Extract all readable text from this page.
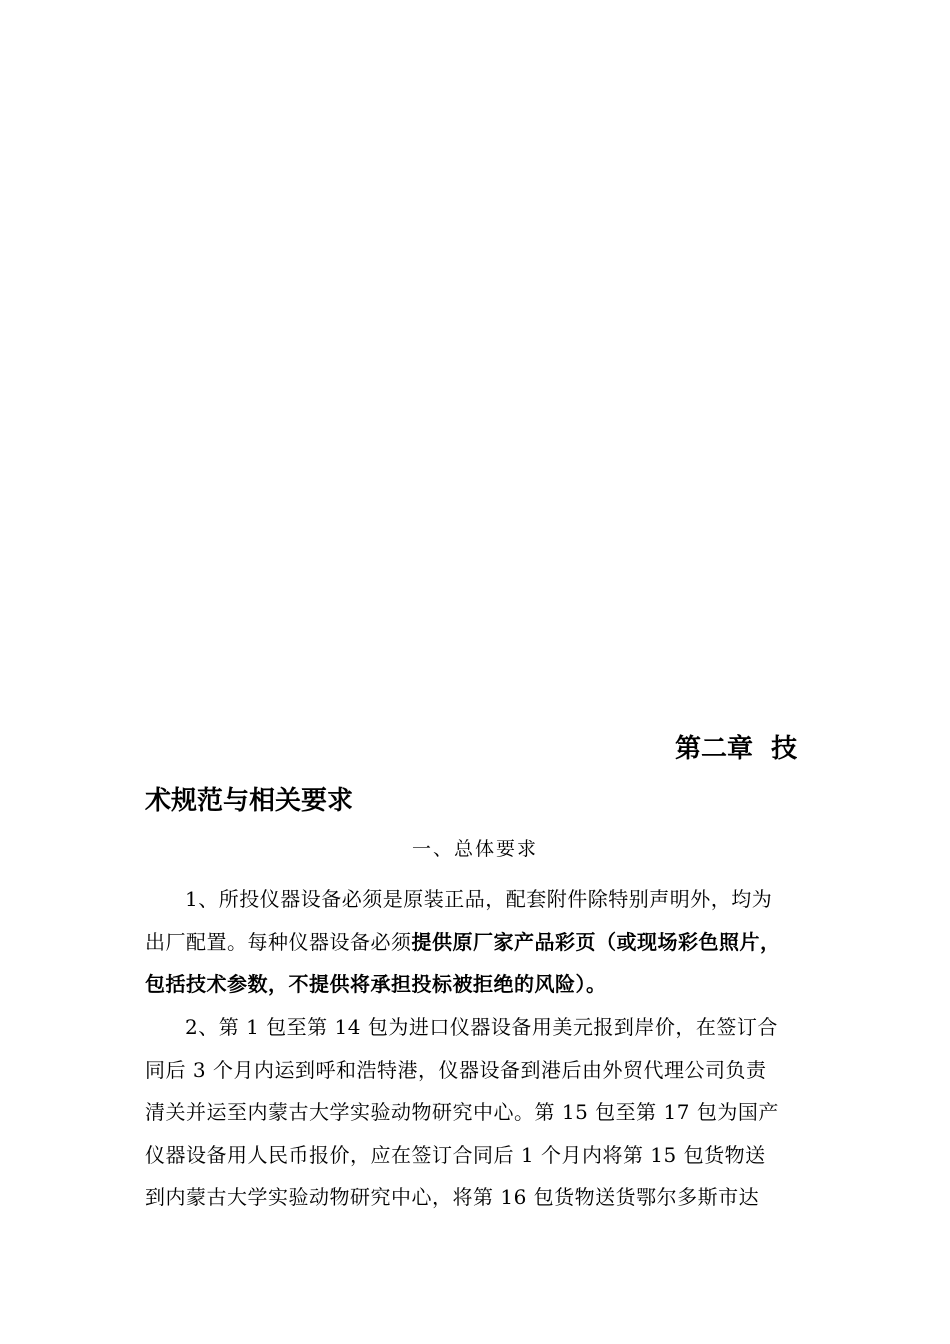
第二章  技
术规范与相关要求
一、总体要求
1、所投仪器设备必须是原装正品，配套附件除特别声明外，均为
出厂配置。每种仪器设备必须提供原厂家产品彩页（或现场彩色照片，
包括技术参数，不提供将承担投标被拒绝的风险）。
2、第 1 包至第 14 包为进口仪器设备用美元报到岸价，在签订合
同后 3 个月内运到呼和浩特港，仪器设备到港后由外贸代理公司负责
清关并运至内蒙古大学实验动物研究中心。第 15 包至第 17 包为国产
仪器设备用人民币报价，应在签订合同后 1 个月内将第 15 包货物送
到内蒙古大学实验动物研究中心，将第 16 包货物送货鄂尔多斯市达
